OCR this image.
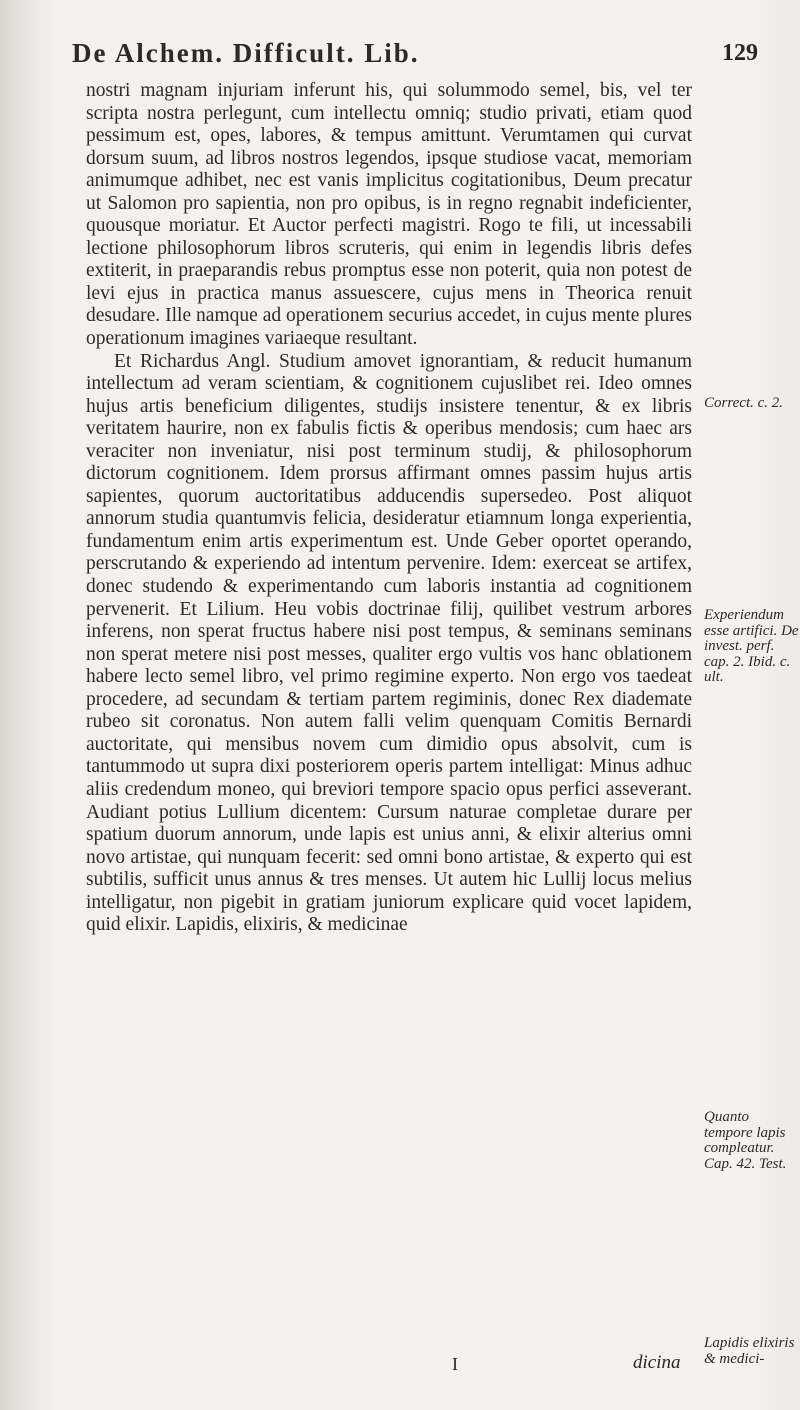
De Alchem. Difficult. Lib.	129

nostri magnam injuriam inferunt his, qui solummodo semel, bis, vel ter scripta nostra perlegunt, cum intellectu omniq; studio privati, etiam quod pessimum est, opes, labores, & tempus amittunt. Verumtamen qui curvat dorsum suum, ad libros nostros legendos, ipsque studiose vacat, memoriam animumque adhibet, nec est vanis implicitus cogitationibus, Deum precatur ut Salomon pro sapientia, non pro opibus, is in regno regnabit indeficienter, quousque moriatur. Et Auctor perfecti magistri. Rogo te fili, ut incessabili lectione philosophorum libros scruteris, qui enim in legendis libris defes extiterit, in praeparandis rebus promptus esse non poterit, quia non potest de levi ejus in practica manus assuescere, cujus mens in Theorica renuit desudare. Ille namque ad operationem securius accedet, in cujus mente plures operationum imagines variaeque resultant.

Et Richardus Angl. Studium amovet ignorantiam, & reducit humanum intellectum ad veram scientiam, & cognitionem cujuslibet rei. Ideo omnes hujus artis beneficium diligentes, studijs insistere tenentur, & ex libris veritatem haurire, non ex fabulis fictis & operibus mendosis; cum haec ars veraciter non inveniatur, nisi post terminum studij, & philosophorum dictorum cognitionem. Idem prorsus affirmant omnes passim hujus artis sapientes, quorum auctoritatibus adducendis supersedeo. Post aliquot annorum studia quantumvis felicia, desideratur etiamnum longa experientia, fundamentum enim artis experimentum est. Unde Geber oportet operando, perscrutando & experiendo ad intentum pervenire. Idem: exerceat se artifex, donec studendo & experimentando cum laboris instantia ad cognitionem pervenerit. Et Lilium. Heu vobis doctrinae filij, quilibet vestrum arbores inferens, non sperat fructus habere nisi post tempus, & seminans seminans non sperat metere nisi post messes, qualiter ergo vultis vos hanc oblationem habere lecto semel libro, vel primo regimine experto. Non ergo vos taedeat procedere, ad secundam & tertiam partem regiminis, donec Rex diademate rubeo sit coronatus. Non autem falli velim quenquam Comitis Bernardi auctoritate, qui mensibus novem cum dimidio opus absolvit, cum is tantummodo ut supra dixi posteriorem operis partem intelligat: Minus adhuc aliis credendum moneo, qui breviori tempore spacio opus perfici asseverant. Audiant potius Lullium dicentem: Cursum naturae completae durare per spatium duorum annorum, unde lapis est unius anni, & elixir alterius omni novo artistae, qui nunquam fecerit: sed omni bono artistae, & experto qui est subtilis, sufficit unus annus & tres menses. Ut autem hic Lullij locus melius intelligatur, non pigebit in gratiam juniorum explicare quid vocet lapidem, quid elixir. Lapidis, elixiris, & medicinae

Correct. c. 2.
Experiendum esse artifici. De invest. perf. cap. 2. Ibid. c. ult.
Quanto tempore lapis compleatur. Cap. 42. Test.
Lapidis elixiris & medici-
I	dicina
